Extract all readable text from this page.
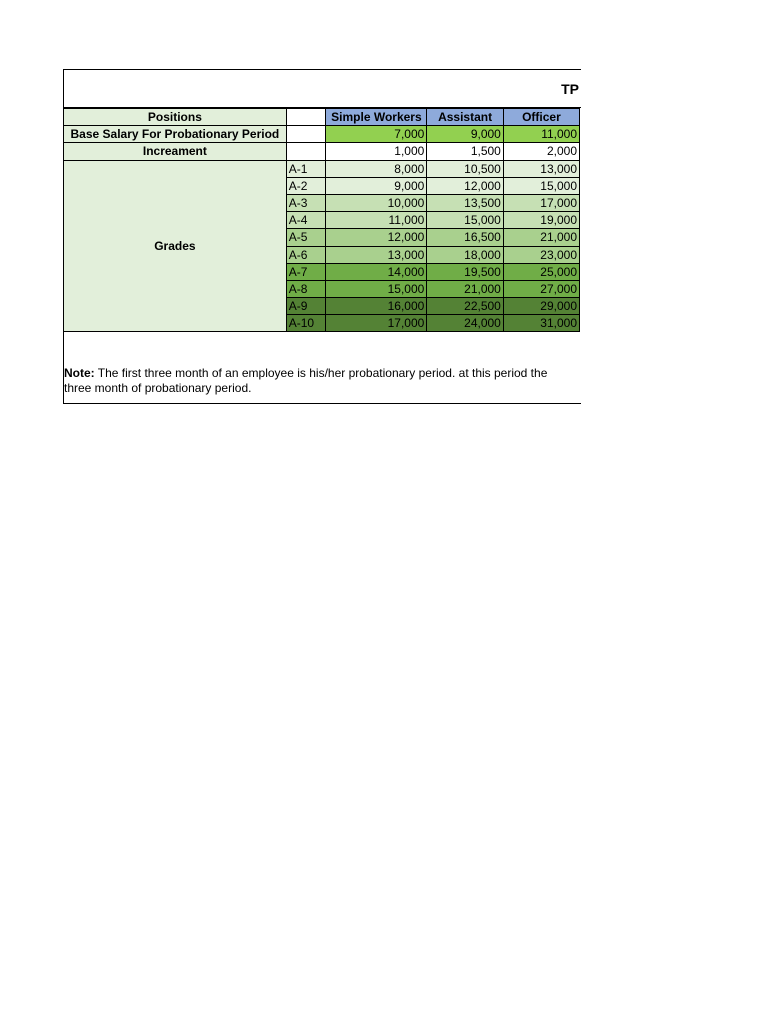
TP
Positions		Simple Workers	Assistant	Officer
Base Salary For Probationary Period		7,000	9,000	11,000
Increament		1,000	1,500	2,000
Grades	A-1	8,000	10,500	13,000
	A-2	9,000	12,000	15,000
	A-3	10,000	13,500	17,000
	A-4	11,000	15,000	19,000
	A-5	12,000	16,500	21,000
	A-6	13,000	18,000	23,000
	A-7	14,000	19,500	25,000
	A-8	15,000	21,000	27,000
	A-9	16,000	22,500	29,000
	A-10	17,000	24,000	31,000
Note: The first three month of an employee is his/her probationary period. at this period the
three month of probationary period.
